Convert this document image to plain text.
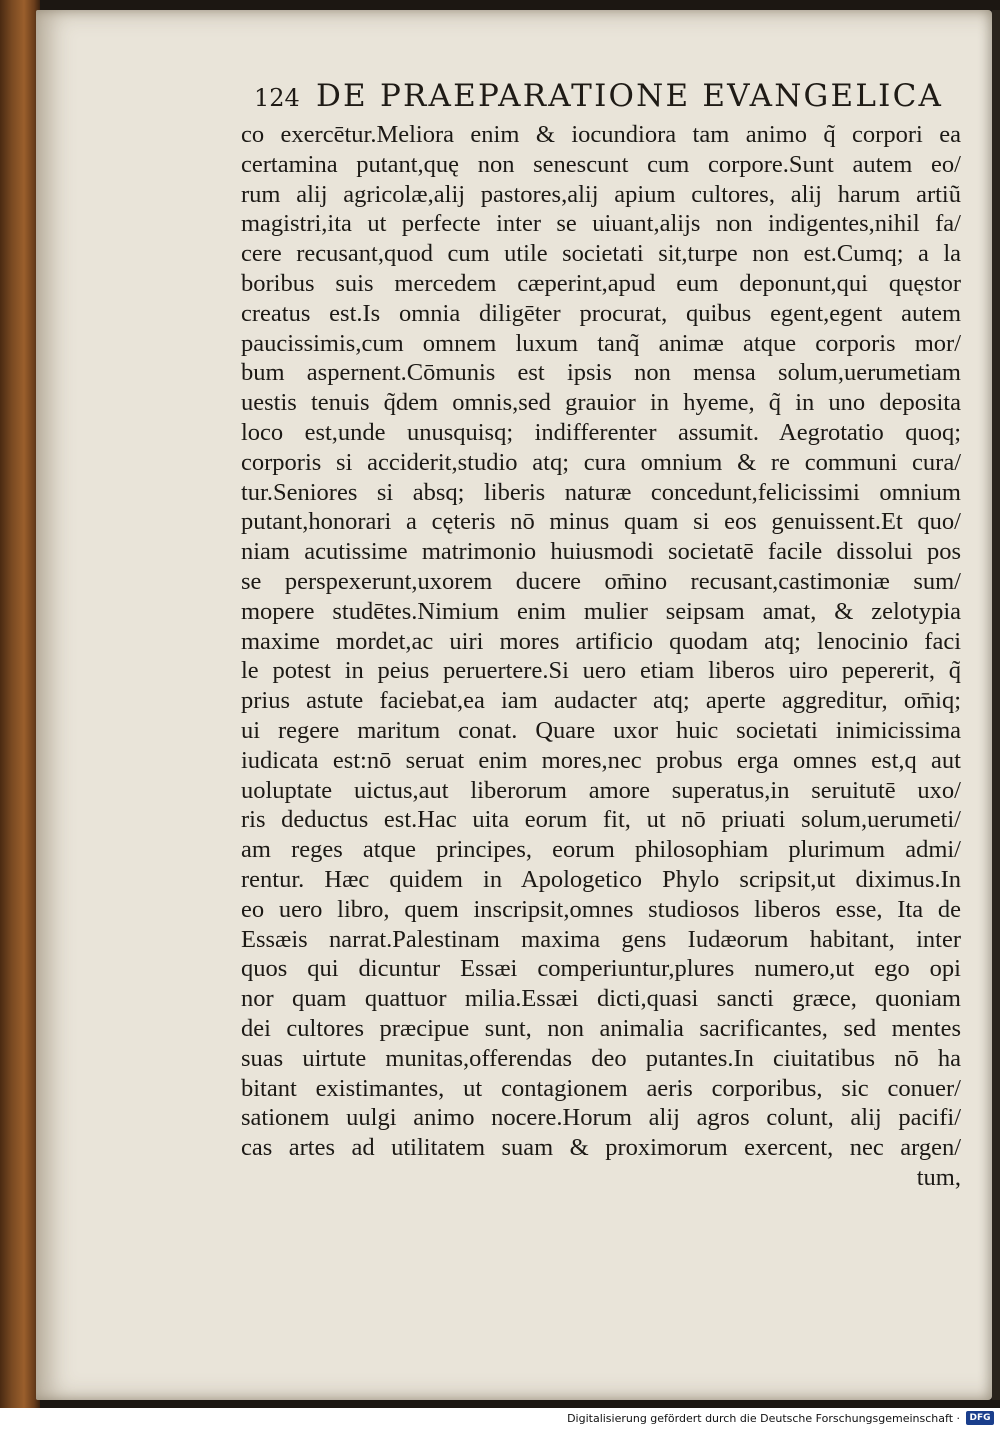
124 DE PRAEPARATIONE EVANGELICA
co exercētur.Meliora enim & iocundiora tam animo q̃ corpori ea
certamina putant,quę non senescunt cum corpore.Sunt autem eo/
rum alij agricolæ,alij pastores,alij apium cultores, alij harum artiũ
magistri,ita ut perfecte inter se uiuant,alijs non indigentes,nihil fa/
cere recusant,quod cum utile societati sit,turpe non est.Cumq; a la
boribus suis mercedem cæperint,apud eum deponunt,qui quęstor
creatus est.Is omnia diligēter procurat, quibus egent,egent autem
paucissimis,cum omnem luxum tanq̃ animæ atque corporis mor/
bum aspernent.Cōmunis est ipsis non mensa solum,uerumetiam
uestis tenuis q̃dem omnis,sed grauior in hyeme, q̃ in uno deposita
loco est,unde unusquisq; indifferenter assumit. Aegrotatio quoq;
corporis si acciderit,studio atq; cura omnium & re communi cura/
tur.Seniores si absq; liberis naturæ concedunt,felicissimi omnium
putant,honorari a cęteris nō minus quam si eos genuissent.Et quo/
niam acutissime matrimonio huiusmodi societatē facile dissolui pos
se perspexerunt,uxorem ducere om̄ino recusant,castimoniæ sum/
mopere studētes.Nimium enim mulier seipsam amat, & zelotypia
maxime mordet,ac uiri mores artificio quodam atq; lenocinio faci
le potest in peius peruertere.Si uero etiam liberos uiro pepererit, q̃
prius astute faciebat,ea iam audacter atq; aperte aggreditur, om̄iq;
ui regere maritum conat. Quare uxor huic societati inimicissima
iudicata est:nō seruat enim mores,nec probus erga omnes est,q aut
uoluptate uictus,aut liberorum amore superatus,in seruitutē uxo/
ris deductus est.Hac uita eorum fit, ut nō priuati solum,uerumeti/
am reges atque principes, eorum philosophiam plurimum admi/
rentur. Hæc quidem in Apologetico Phylo scripsit,ut diximus.In
eo uero libro, quem inscripsit,omnes studiosos liberos esse, Ita de
Essæis narrat.Palestinam maxima gens Iudæorum habitant, inter
quos qui dicuntur Essæi comperiuntur,plures numero,ut ego opi
nor quam quattuor milia.Essæi dicti,quasi sancti græce, quoniam
dei cultores præcipue sunt, non animalia sacrificantes, sed mentes
suas uirtute munitas,offerendas deo putantes.In ciuitatibus nō ha
bitant existimantes, ut contagionem aeris corporibus, sic conuer/
sationem uulgi animo nocere.Horum alij agros colunt, alij pacifi/
cas artes ad utilitatem suam & proximorum exercent, nec argen/
tum,
Digitalisierung gefördert durch die Deutsche Forschungsgemeinschaft ·	DFG
